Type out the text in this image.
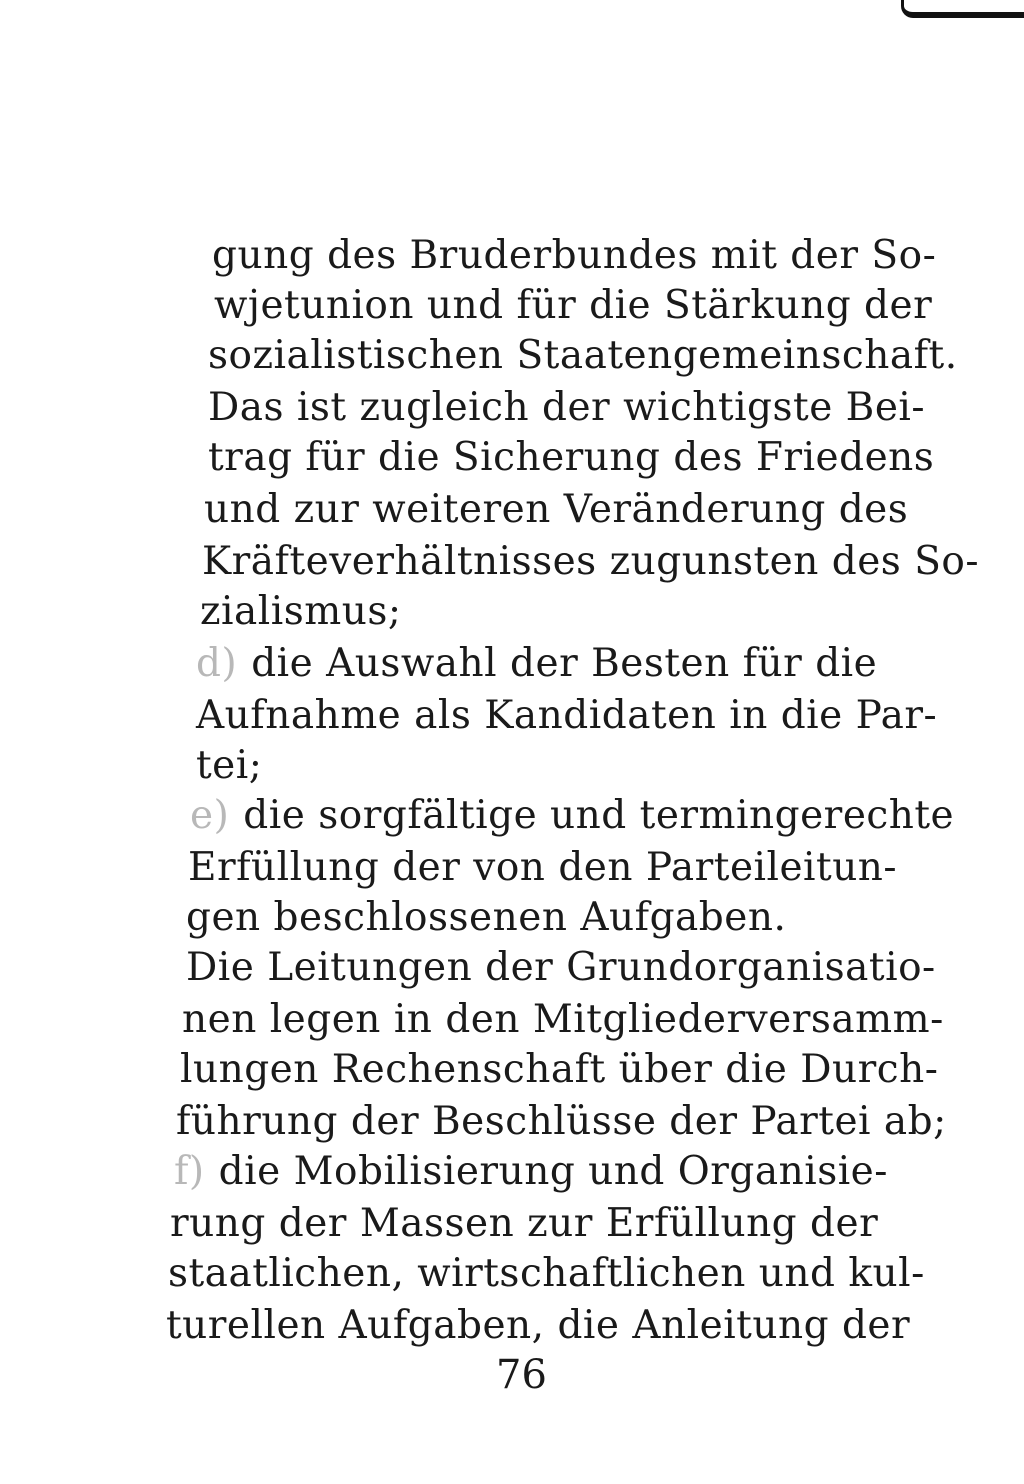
gung des Bruderbundes mit der So-
wjetunion und für die Stärkung der
sozialistischen Staatengemeinschaft.
Das ist zugleich der wichtigste Bei-
trag für die Sicherung des Friedens
und zur weiteren Veränderung des
Kräfteverhältnisses zugunsten des So-
zialismus;
d) die Auswahl der Besten für die
Aufnahme als Kandidaten in die Par-
tei;
e) die sorgfältige und termingerechte
Erfüllung der von den Parteileitun-
gen beschlossenen Aufgaben.
Die Leitungen der Grundorganisatio-
nen legen in den Mitgliederversamm-
lungen Rechenschaft über die Durch-
führung der Beschlüsse der Partei ab;
f) die Mobilisierung und Organisie-
rung der Massen zur Erfüllung der
staatlichen, wirtschaftlichen und kul-
turellen Aufgaben, die Anleitung der
76
